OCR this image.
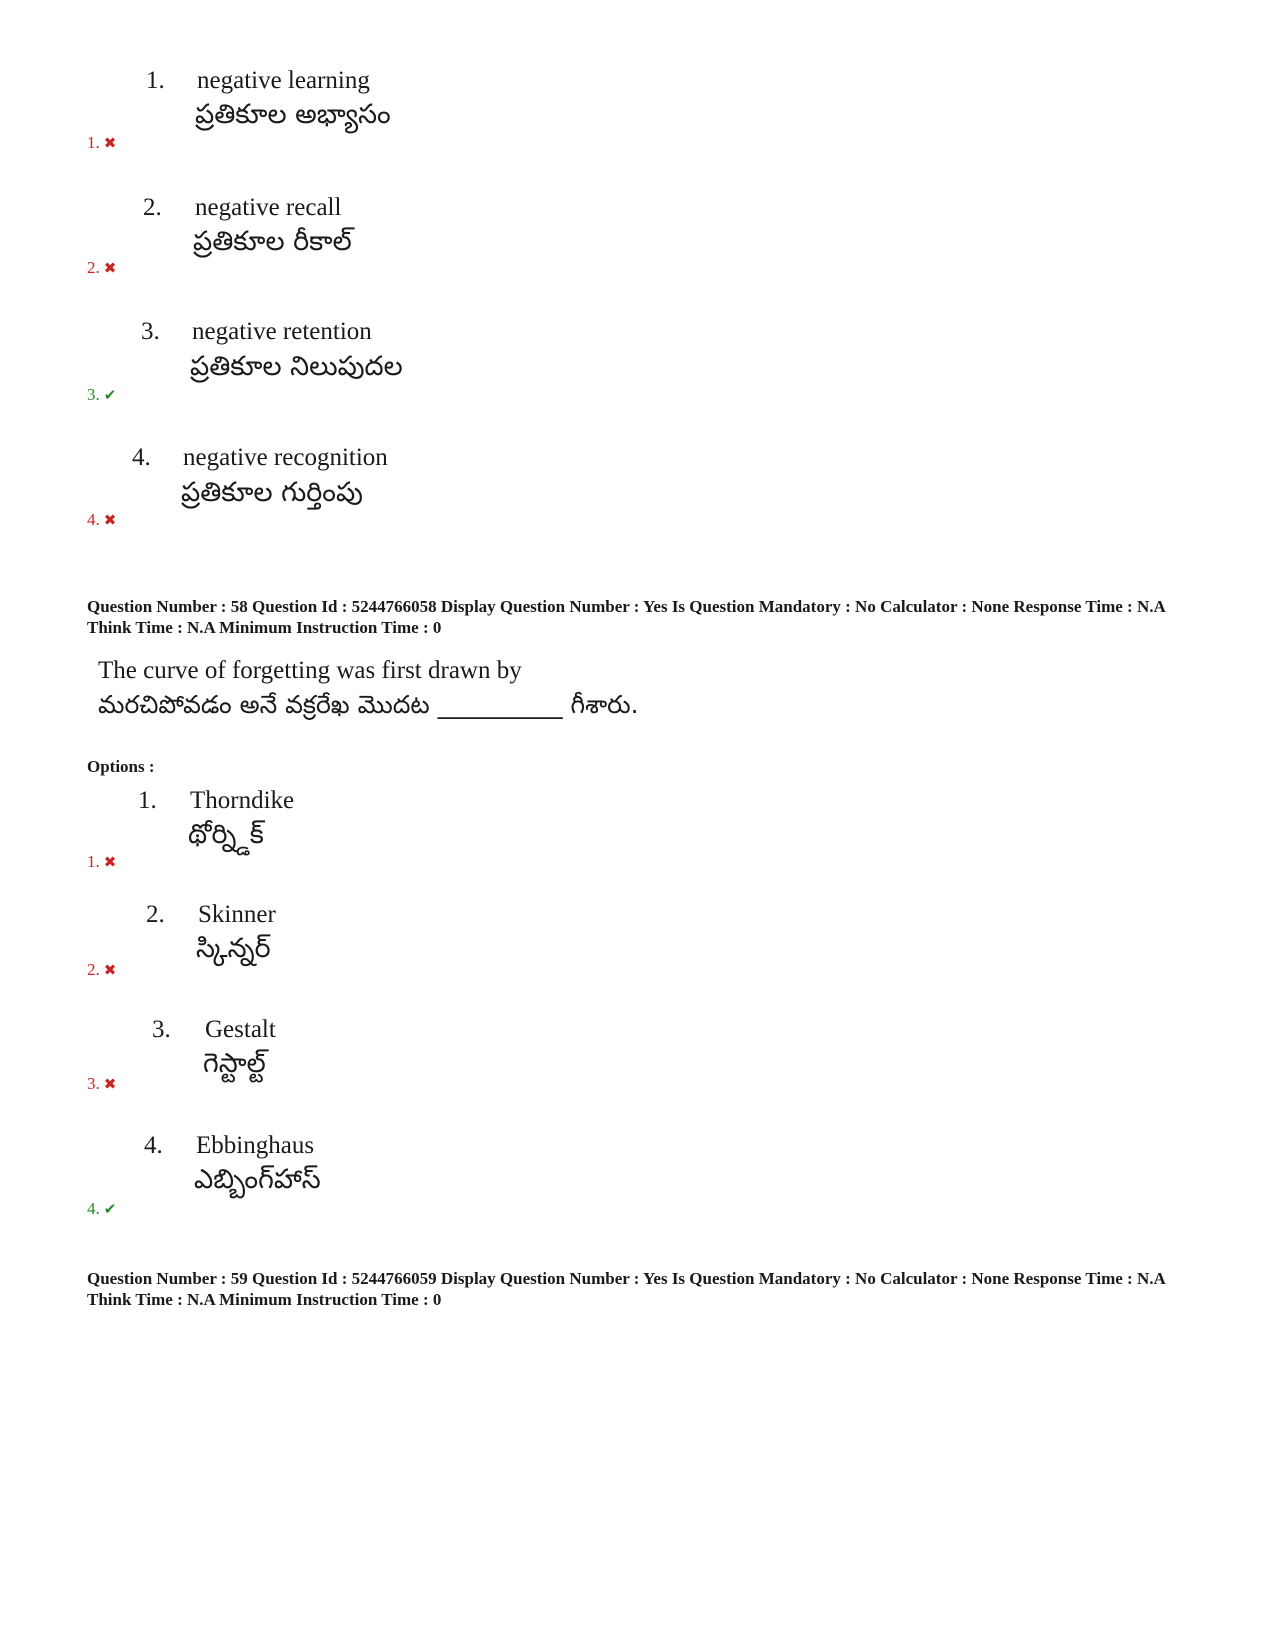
1. negative learning
ప్రతికూల అభ్యాసం
1. ✖
2. negative recall
ప్రతికూల రీకాల్
2. ✖
3. negative retention
ప్రతికూల నిలుపుదల
3. ✔
4. negative recognition
ప్రతికూల గుర్తింపు
4. ✖
Question Number : 58 Question Id : 5244766058 Display Question Number : Yes Is Question Mandatory : No Calculator : None Response Time : N.A Think Time : N.A Minimum Instruction Time : 0
The curve of forgetting was first drawn by
మరచిపోవడం అనే వక్రరేఖ మొదట __________ గీశారు.
Options :
1. Thorndike
థోర్న్డిక్
1. ✖
2. Skinner
స్కిన్నర్
2. ✖
3. Gestalt
గెస్టాల్ట్
3. ✖
4. Ebbinghaus
ఎబ్బింగ్‌హాస్
4. ✔
Question Number : 59 Question Id : 5244766059 Display Question Number : Yes Is Question Mandatory : No Calculator : None Response Time : N.A Think Time : N.A Minimum Instruction Time : 0
